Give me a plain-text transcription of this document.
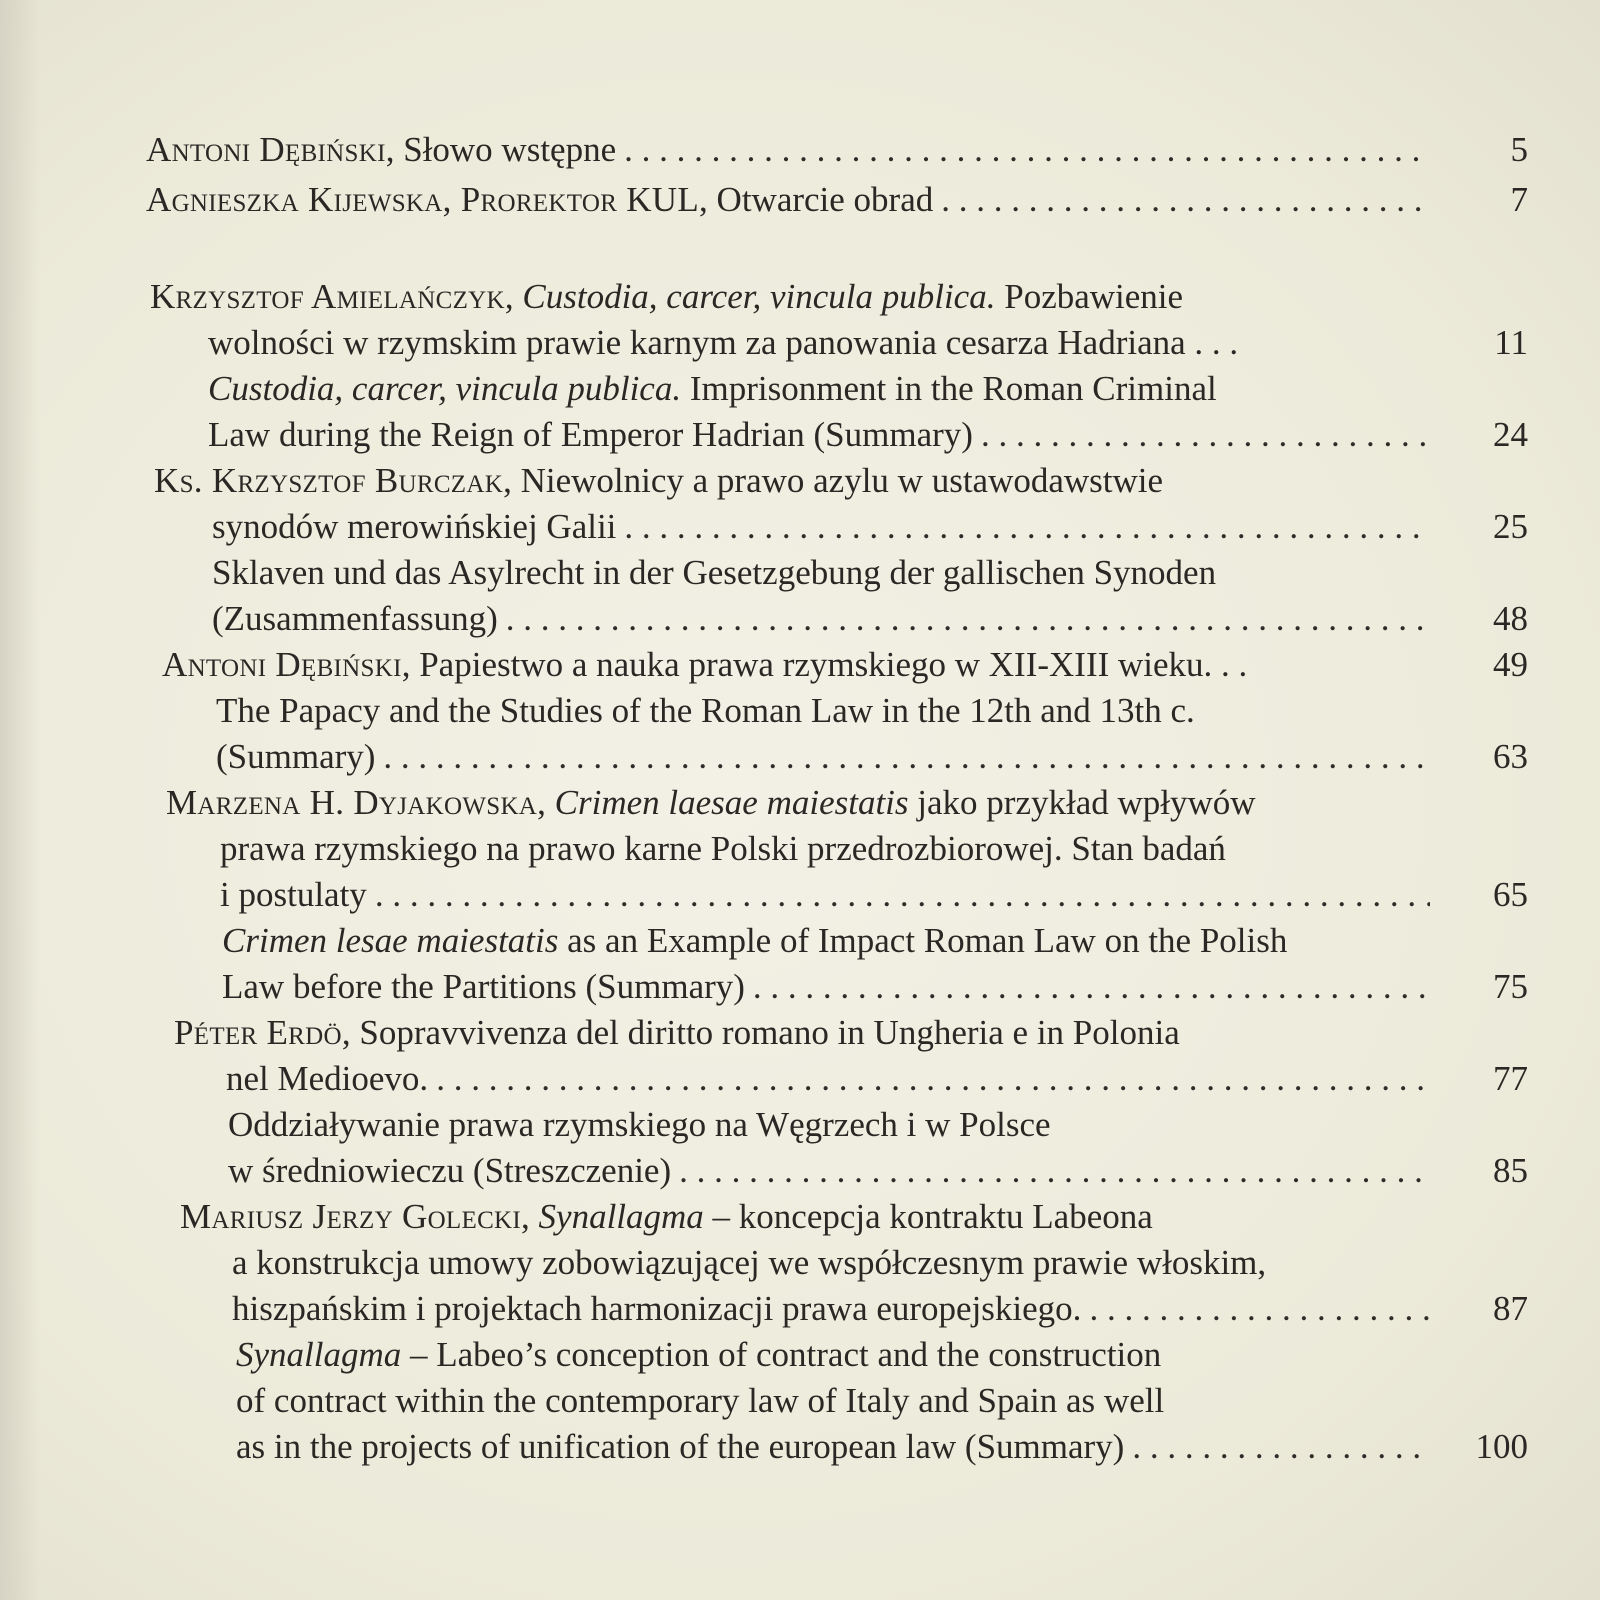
Antoni Dębiński, Słowo wstępne . . .	5
Agnieszka Kijewska, Prorektor KUL, Otwarcie obrad . . .	7
Krzysztof Amielańczyk, Custodia, carcer, vincula publica. Pozbawienie
wolności w rzymskim prawie karnym za panowania cesarza Hadriana . . .	11
Custodia, carcer, vincula publica. Imprisonment in the Roman Criminal
Law during the Reign of Emperor Hadrian (Summary) . . .	24
Ks. Krzysztof Burczak, Niewolnicy a prawo azylu w ustawodawstwie
synodów merowińskiej Galii . . .	25
Sklaven und das Asylrecht in der Gesetzgebung der gallischen Synoden
(Zusammenfassung) . . .	48
Antoni Dębiński, Papiestwo a nauka prawa rzymskiego w XII-XIII wieku. . .	49
The Papacy and the Studies of the Roman Law in the 12th and 13th c.
(Summary) . . .	63
Marzena H. Dyjakowska, Crimen laesae maiestatis jako przykład wpływów
prawa rzymskiego na prawo karne Polski przedrozbiorowej. Stan badań
i postulaty . . .	65
Crimen lesae maiestatis as an Example of Impact Roman Law on the Polish
Law before the Partitions (Summary) . . .	75
Péter Erdö, Sopravvivenza del diritto romano in Ungheria e in Polonia
nel Medioevo. . . .	77
Oddziaływanie prawa rzymskiego na Węgrzech i w Polsce
w średniowieczu (Streszczenie) . . .	85
Mariusz Jerzy Golecki, Synallagma – koncepcja kontraktu Labeona
a konstrukcja umowy zobowiązującej we współczesnym prawie włoskim,
hiszpańskim i projektach harmonizacji prawa europejskiego. . . .	87
Synallagma – Labeo’s conception of contract and the construction
of contract within the contemporary law of Italy and Spain as well
as in the projects of unification of the european law (Summary) . . .	100
